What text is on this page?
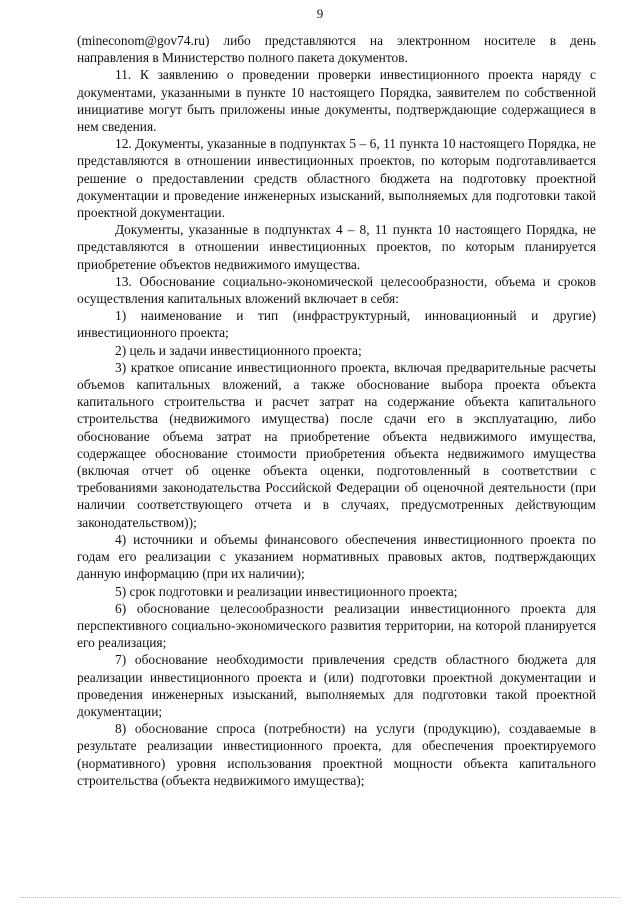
9

(mineconom@gov74.ru) либо представляются на электронном носителе в день направления в Министерство полного пакета документов.

11. К заявлению о проведении проверки инвестиционного проекта наряду с документами, указанными в пункте 10 настоящего Порядка, заявителем по собственной инициативе могут быть приложены иные документы, подтверждающие содержащиеся в нем сведения.

12. Документы, указанные в подпунктах 5 – 6, 11 пункта 10 настоящего Порядка, не представляются в отношении инвестиционных проектов, по которым подготавливается решение о предоставлении средств областного бюджета на подготовку проектной документации и проведение инженерных изысканий, выполняемых для подготовки такой проектной документации.

Документы, указанные в подпунктах 4 – 8, 11 пункта 10 настоящего Порядка, не представляются в отношении инвестиционных проектов, по которым планируется приобретение объектов недвижимого имущества.

13. Обоснование социально-экономической целесообразности, объема и сроков осуществления капитальных вложений включает в себя:

1) наименование и тип (инфраструктурный, инновационный и другие) инвестиционного проекта;

2) цель и задачи инвестиционного проекта;

3) краткое описание инвестиционного проекта, включая предварительные расчеты объемов капитальных вложений, а также обоснование выбора проекта объекта капитального строительства и расчет затрат на содержание объекта капитального строительства (недвижимого имущества) после сдачи его в эксплуатацию, либо обоснование объема затрат на приобретение объекта недвижимого имущества, содержащее обоснование стоимости приобретения объекта недвижимого имущества (включая отчет об оценке объекта оценки, подготовленный в соответствии с требованиями законодательства Российской Федерации об оценочной деятельности (при наличии соответствующего отчета и в случаях, предусмотренных действующим законодательством));

4) источники и объемы финансового обеспечения инвестиционного проекта по годам его реализации с указанием нормативных правовых актов, подтверждающих данную информацию (при их наличии);

5) срок подготовки и реализации инвестиционного проекта;

6) обоснование целесообразности реализации инвестиционного проекта для перспективного социально-экономического развития территории, на которой планируется его реализация;

7) обоснование необходимости привлечения средств областного бюджета для реализации инвестиционного проекта и (или) подготовки проектной документации и проведения инженерных изысканий, выполняемых для подготовки такой проектной документации;

8) обоснование спроса (потребности) на услуги (продукцию), создаваемые в результате реализации инвестиционного проекта, для обеспечения проектируемого (нормативного) уровня использования проектной мощности объекта капитального строительства (объекта недвижимого имущества);
